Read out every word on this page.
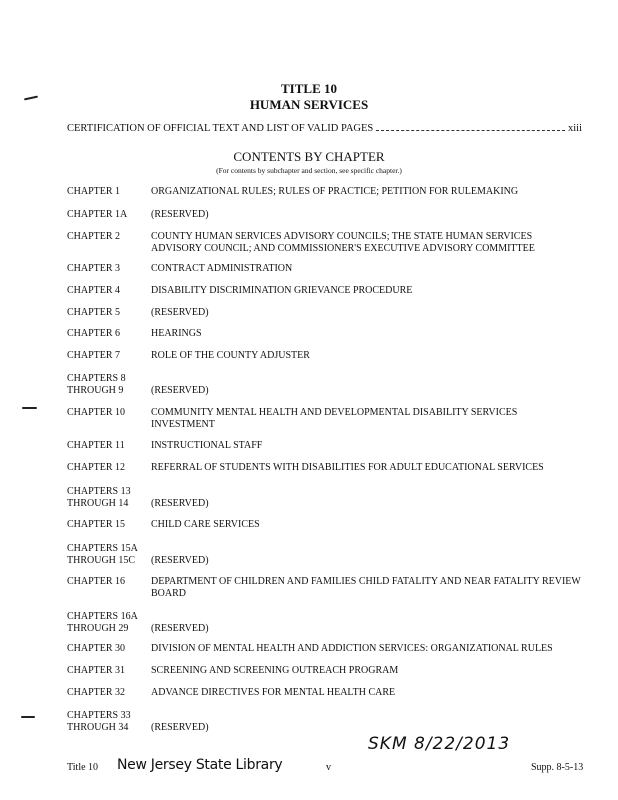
TITLE 10
HUMAN SERVICES
CERTIFICATION OF OFFICIAL TEXT AND LIST OF VALID PAGES	xiii
CONTENTS BY CHAPTER
(For contents by subchapter and section, see specific chapter.)
CHAPTER 1	ORGANIZATIONAL RULES; RULES OF PRACTICE; PETITION FOR RULEMAKING
CHAPTER 1A	(RESERVED)
CHAPTER 2	COUNTY HUMAN SERVICES ADVISORY COUNCILS; THE STATE HUMAN SERVICES
ADVISORY COUNCIL; AND COMMISSIONER'S EXECUTIVE ADVISORY COMMITTEE
CHAPTER 3	CONTRACT ADMINISTRATION
CHAPTER 4	DISABILITY DISCRIMINATION GRIEVANCE PROCEDURE
CHAPTER 5	(RESERVED)
CHAPTER 6	HEARINGS
CHAPTER 7	ROLE OF THE COUNTY ADJUSTER
CHAPTERS 8
THROUGH 9	(RESERVED)
CHAPTER 10	COMMUNITY MENTAL HEALTH AND DEVELOPMENTAL DISABILITY SERVICES
INVESTMENT
CHAPTER 11	INSTRUCTIONAL STAFF
CHAPTER 12	REFERRAL OF STUDENTS WITH DISABILITIES FOR ADULT EDUCATIONAL SERVICES
CHAPTERS 13
THROUGH 14	(RESERVED)
CHAPTER 15	CHILD CARE SERVICES
CHAPTERS 15A
THROUGH 15C	(RESERVED)
CHAPTER 16	DEPARTMENT OF CHILDREN AND FAMILIES CHILD FATALITY AND NEAR FATALITY REVIEW
BOARD
CHAPTERS 16A
THROUGH 29	(RESERVED)
CHAPTER 30	DIVISION OF MENTAL HEALTH AND ADDICTION SERVICES: ORGANIZATIONAL RULES
CHAPTER 31	SCREENING AND SCREENING OUTREACH PROGRAM
CHAPTER 32	ADVANCE DIRECTIVES FOR MENTAL HEALTH CARE
CHAPTERS 33
THROUGH 34	(RESERVED)
SKM 8/22/2013
Title 10 New Jersey State Library	v	Supp. 8-5-13
